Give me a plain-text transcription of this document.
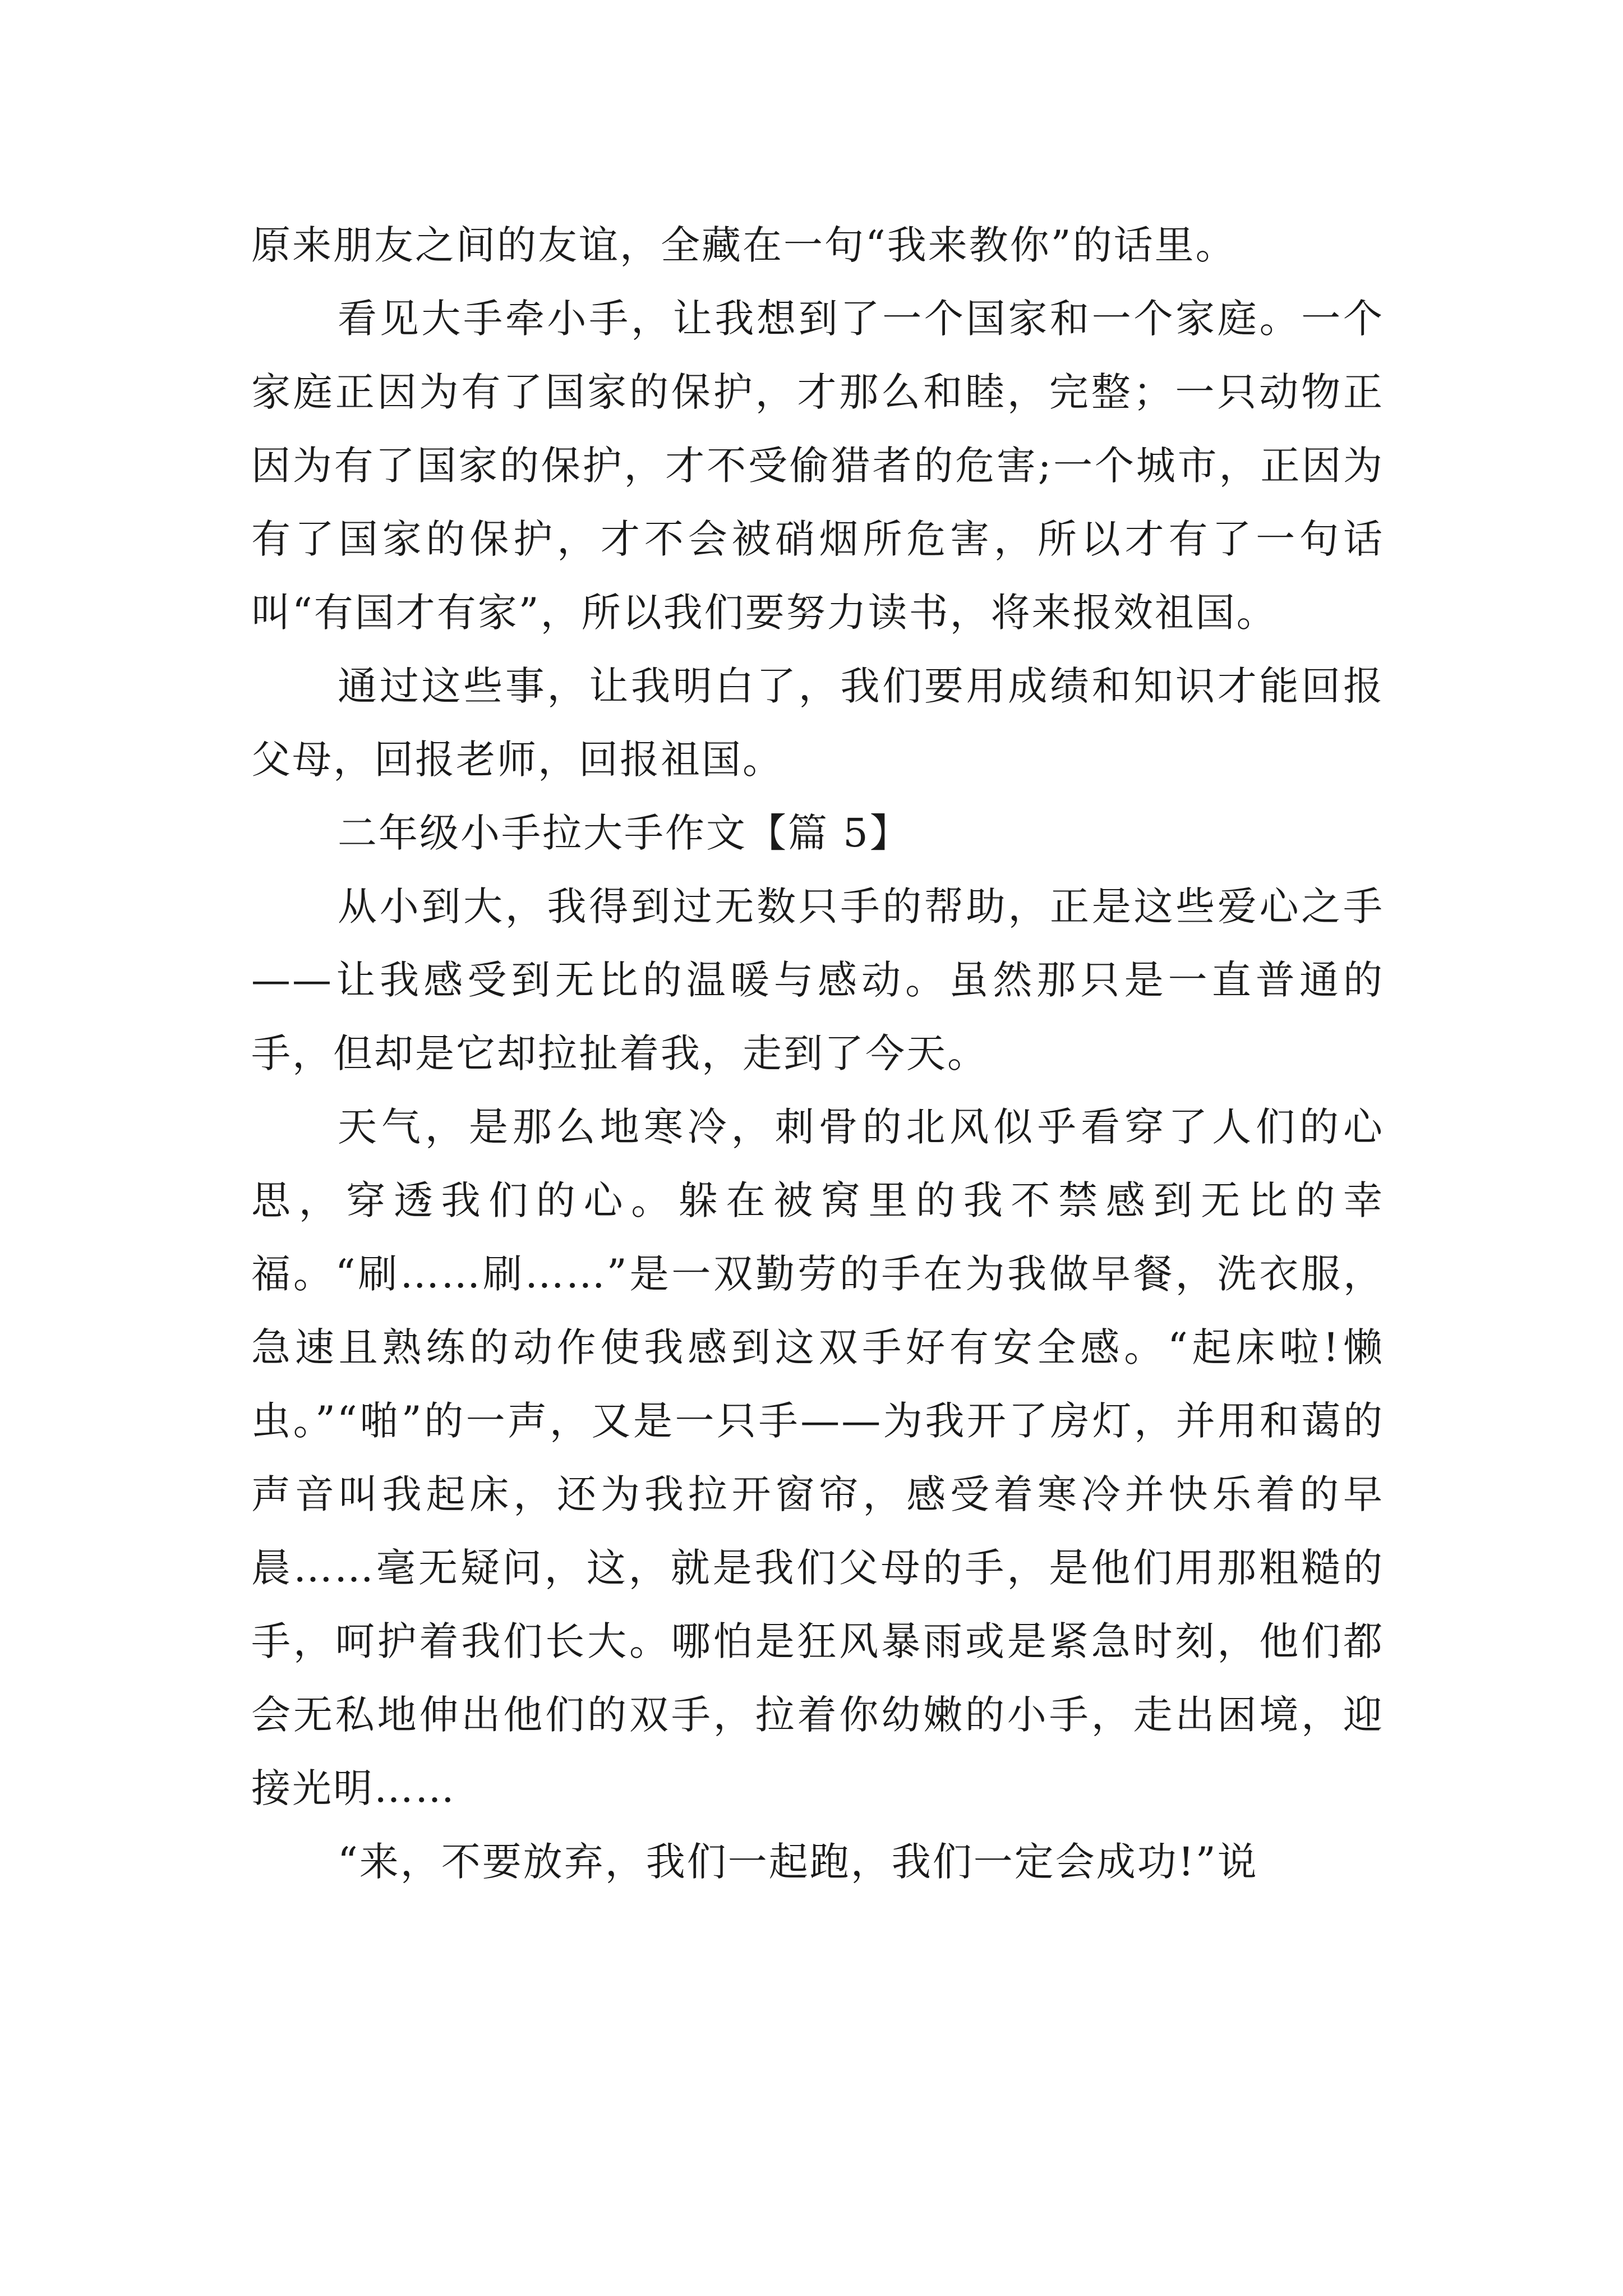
原来朋友之间的友谊，全藏在一句“我来教你”的话里。

看见大手牵小手，让我想到了一个国家和一个家庭。一个家庭正因为有了国家的保护，才那么和睦，完整；一只动物正因为有了国家的保护，才不受偷猎者的危害;一个城市，正因为有了国家的保护，才不会被硝烟所危害，所以才有了一句话叫“有国才有家”，所以我们要努力读书，将来报效祖国。

通过这些事，让我明白了，我们要用成绩和知识才能回报父母，回报老师，回报祖国。

二年级小手拉大手作文【篇 5】

从小到大，我得到过无数只手的帮助，正是这些爱心之手——让我感受到无比的温暖与感动。虽然那只是一直普通的手，但却是它却拉扯着我，走到了今天。

天气，是那么地寒冷，刺骨的北风似乎看穿了人们的心思，穿透我们的心。躲在被窝里的我不禁感到无比的幸福。“刷……刷……”是一双勤劳的手在为我做早餐，洗衣服，急速且熟练的动作使我感到这双手好有安全感。“起床啦!懒虫。”“啪”的一声，又是一只手——为我开了房灯，并用和蔼的声音叫我起床，还为我拉开窗帘，感受着寒冷并快乐着的早晨……毫无疑问，这，就是我们父母的手，是他们用那粗糙的手，呵护着我们长大。哪怕是狂风暴雨或是紧急时刻，他们都会无私地伸出他们的双手，拉着你幼嫩的小手，走出困境，迎接光明……

“来，不要放弃，我们一起跑，我们一定会成功!”说
